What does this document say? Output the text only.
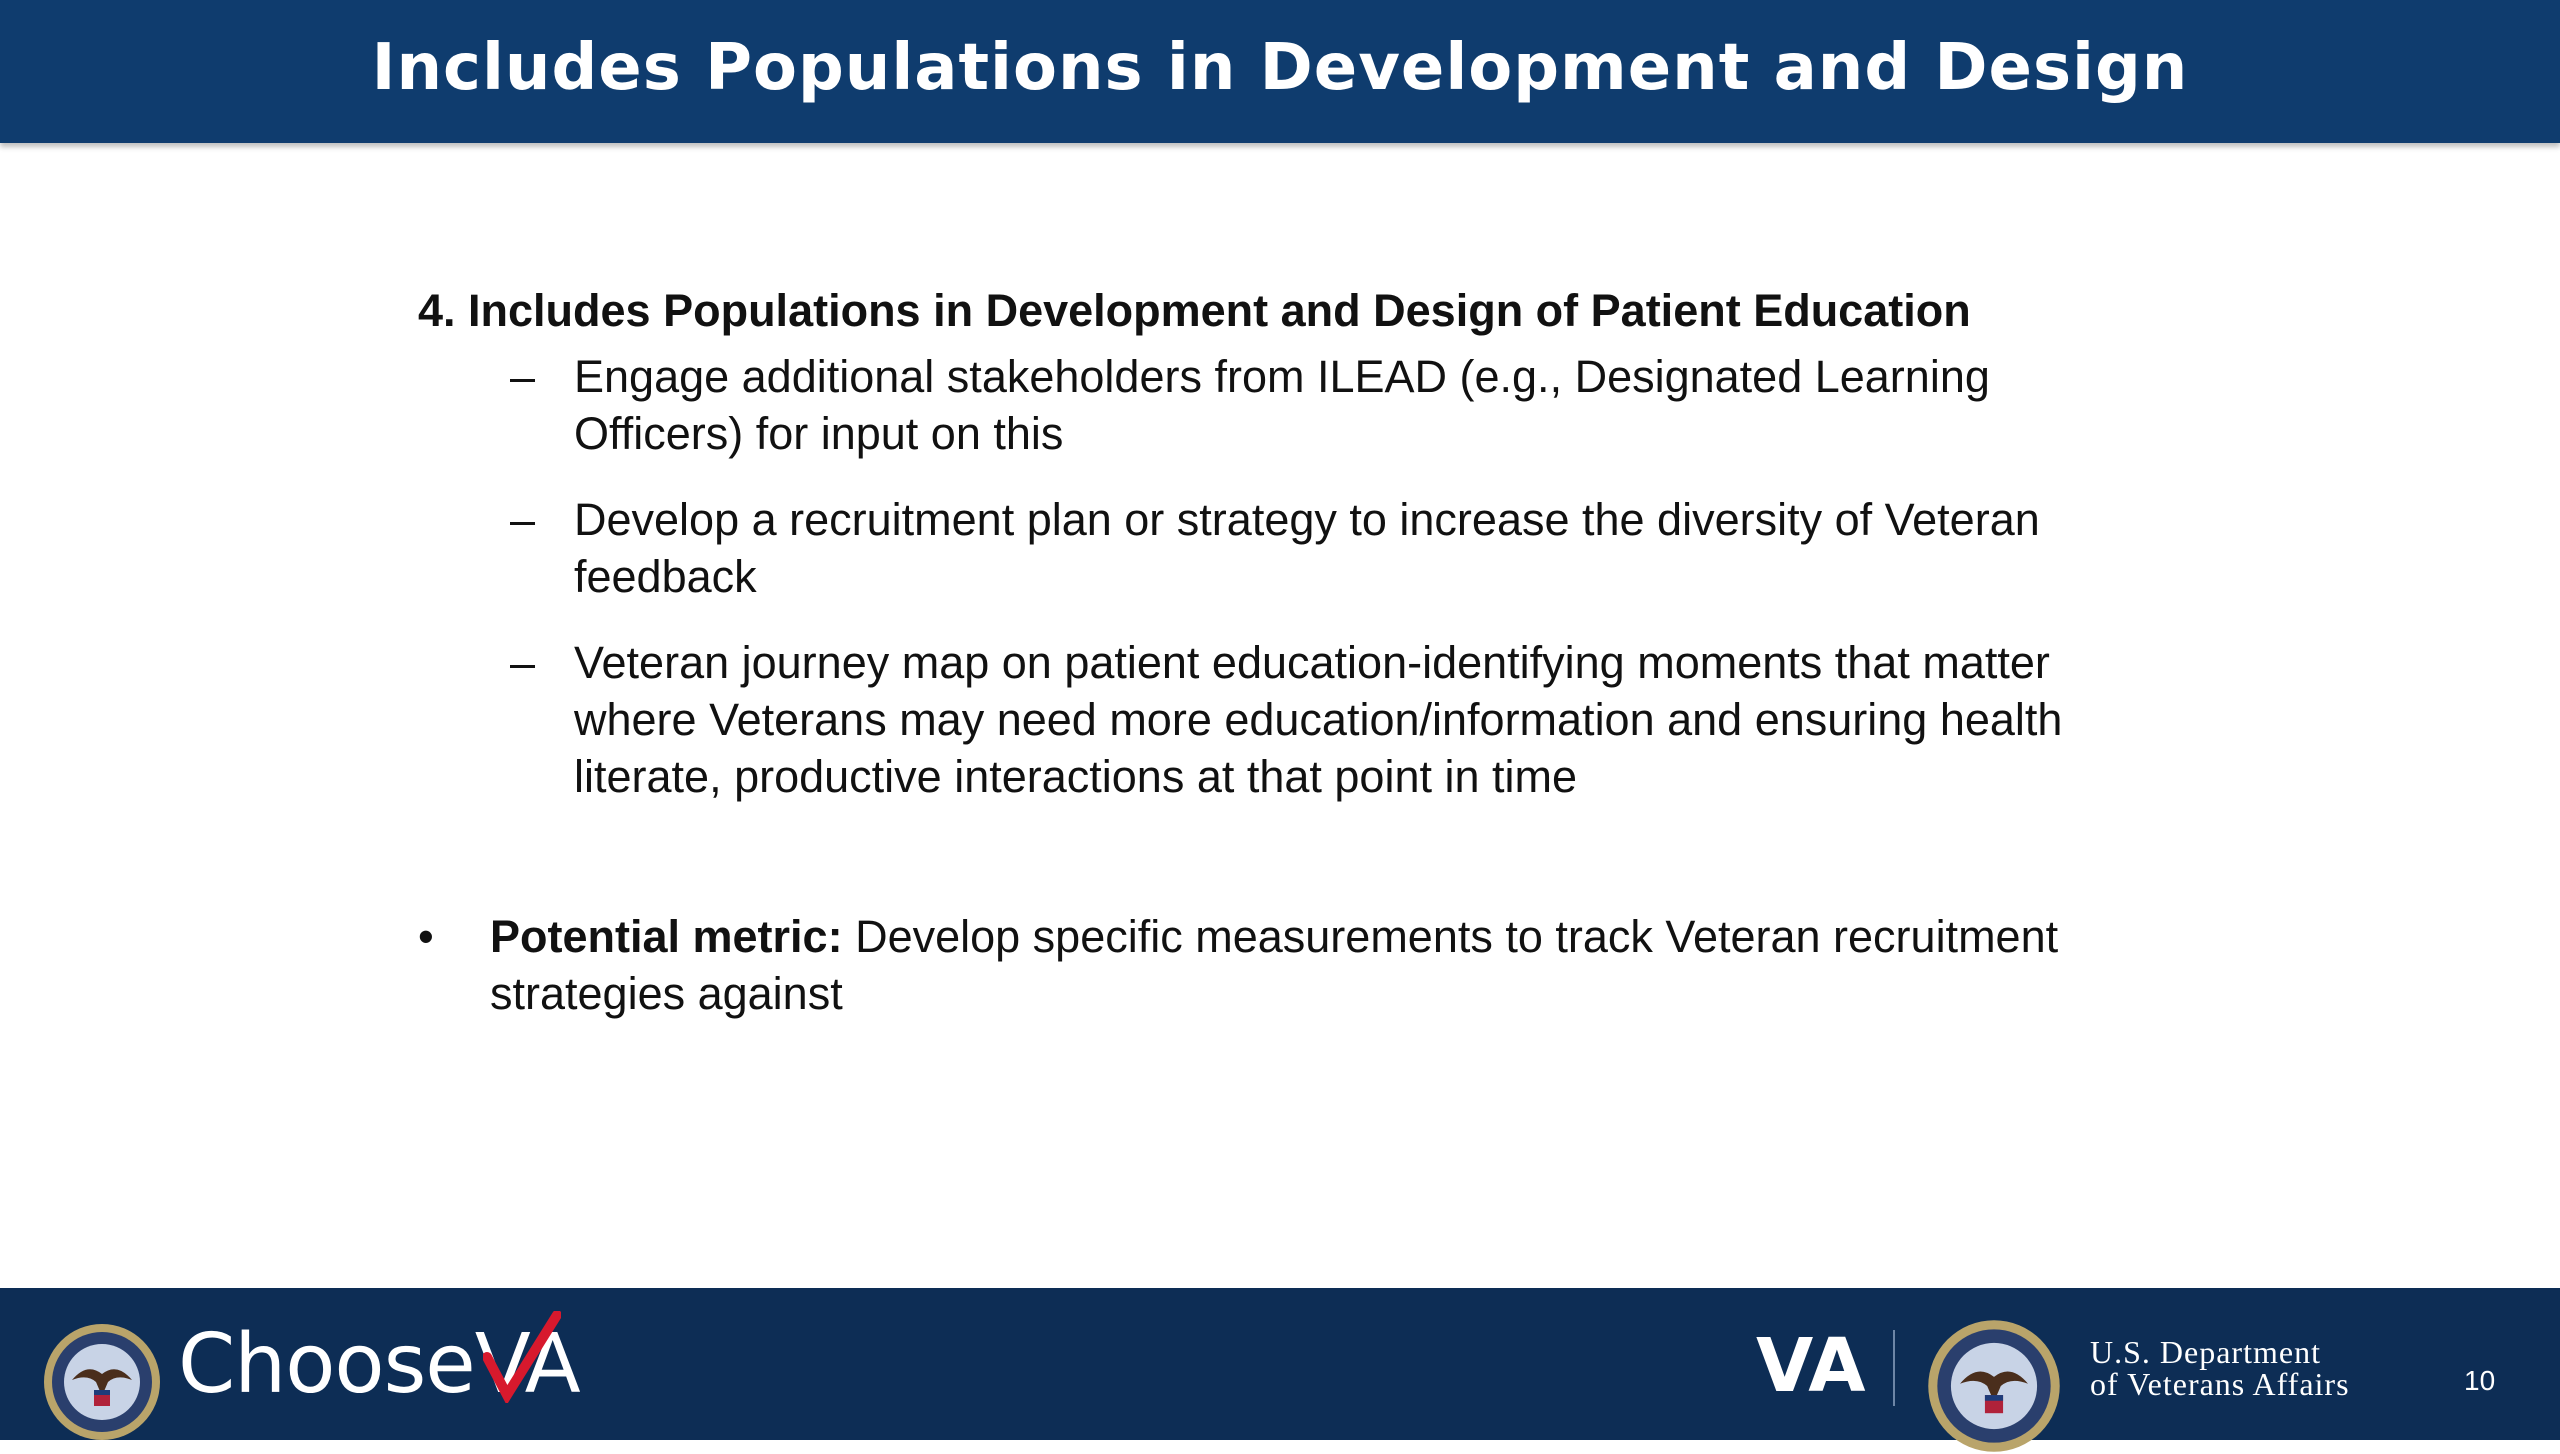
Includes Populations in Development and Design

4. Includes Populations in Development and Design of Patient Education

– Engage additional stakeholders from ILEAD (e.g., Designated Learning Officers) for input on this
– Develop a recruitment plan or strategy to increase the diversity of Veteran feedback
– Veteran journey map on patient education-identifying moments that matter where Veterans may need more education/information and ensuring health literate, productive interactions at that point in time
• Potential metric: Develop specific measurements to track Veteran recruitment strategies against
Choose
VA	VA	U.S. Department
of Veterans Affairs	10
